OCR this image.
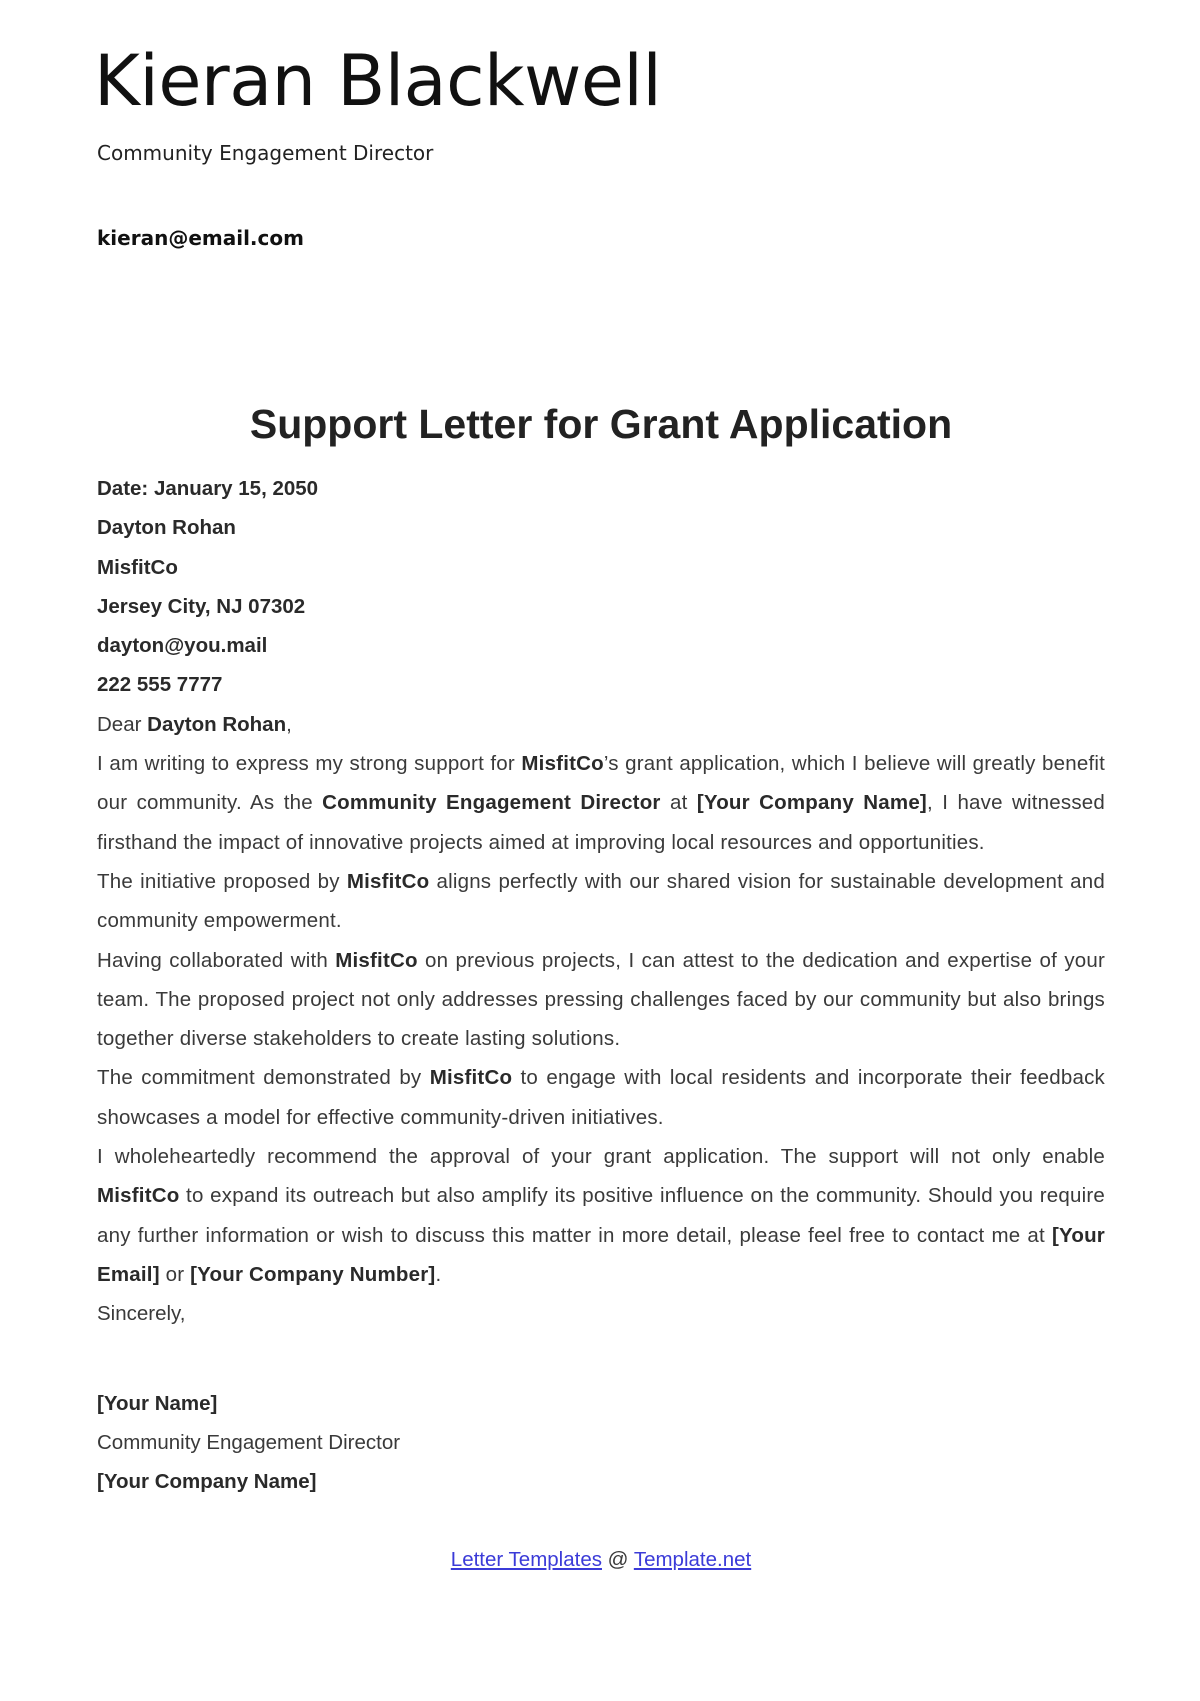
Kieran Blackwell

Community Engagement Director

kieran@email.com

Support Letter for Grant Application

Date: January 15, 2050

Dayton Rohan

MisfitCo

Jersey City, NJ 07302

dayton@you.mail

222 555 7777

Dear Dayton Rohan,

I am writing to express my strong support for MisfitCo’s grant application, which I believe will greatly benefit our community. As the Community Engagement Director at [Your Company Name], I have witnessed firsthand the impact of innovative projects aimed at improving local resources and opportunities.

The initiative proposed by MisfitCo aligns perfectly with our shared vision for sustainable development and community empowerment.

Having collaborated with MisfitCo on previous projects, I can attest to the dedication and expertise of your team. The proposed project not only addresses pressing challenges faced by our community but also brings together diverse stakeholders to create lasting solutions.

The commitment demonstrated by MisfitCo to engage with local residents and incorporate their feedback showcases a model for effective community-driven initiatives.

I wholeheartedly recommend the approval of your grant application. The support will not only enable MisfitCo to expand its outreach but also amplify its positive influence on the community. Should you require any further information or wish to discuss this matter in more detail, please feel free to contact me at [Your Email] or [Your Company Number].

Sincerely,

[Your Name]

Community Engagement Director

[Your Company Name]

Letter Templates @ Template.net
